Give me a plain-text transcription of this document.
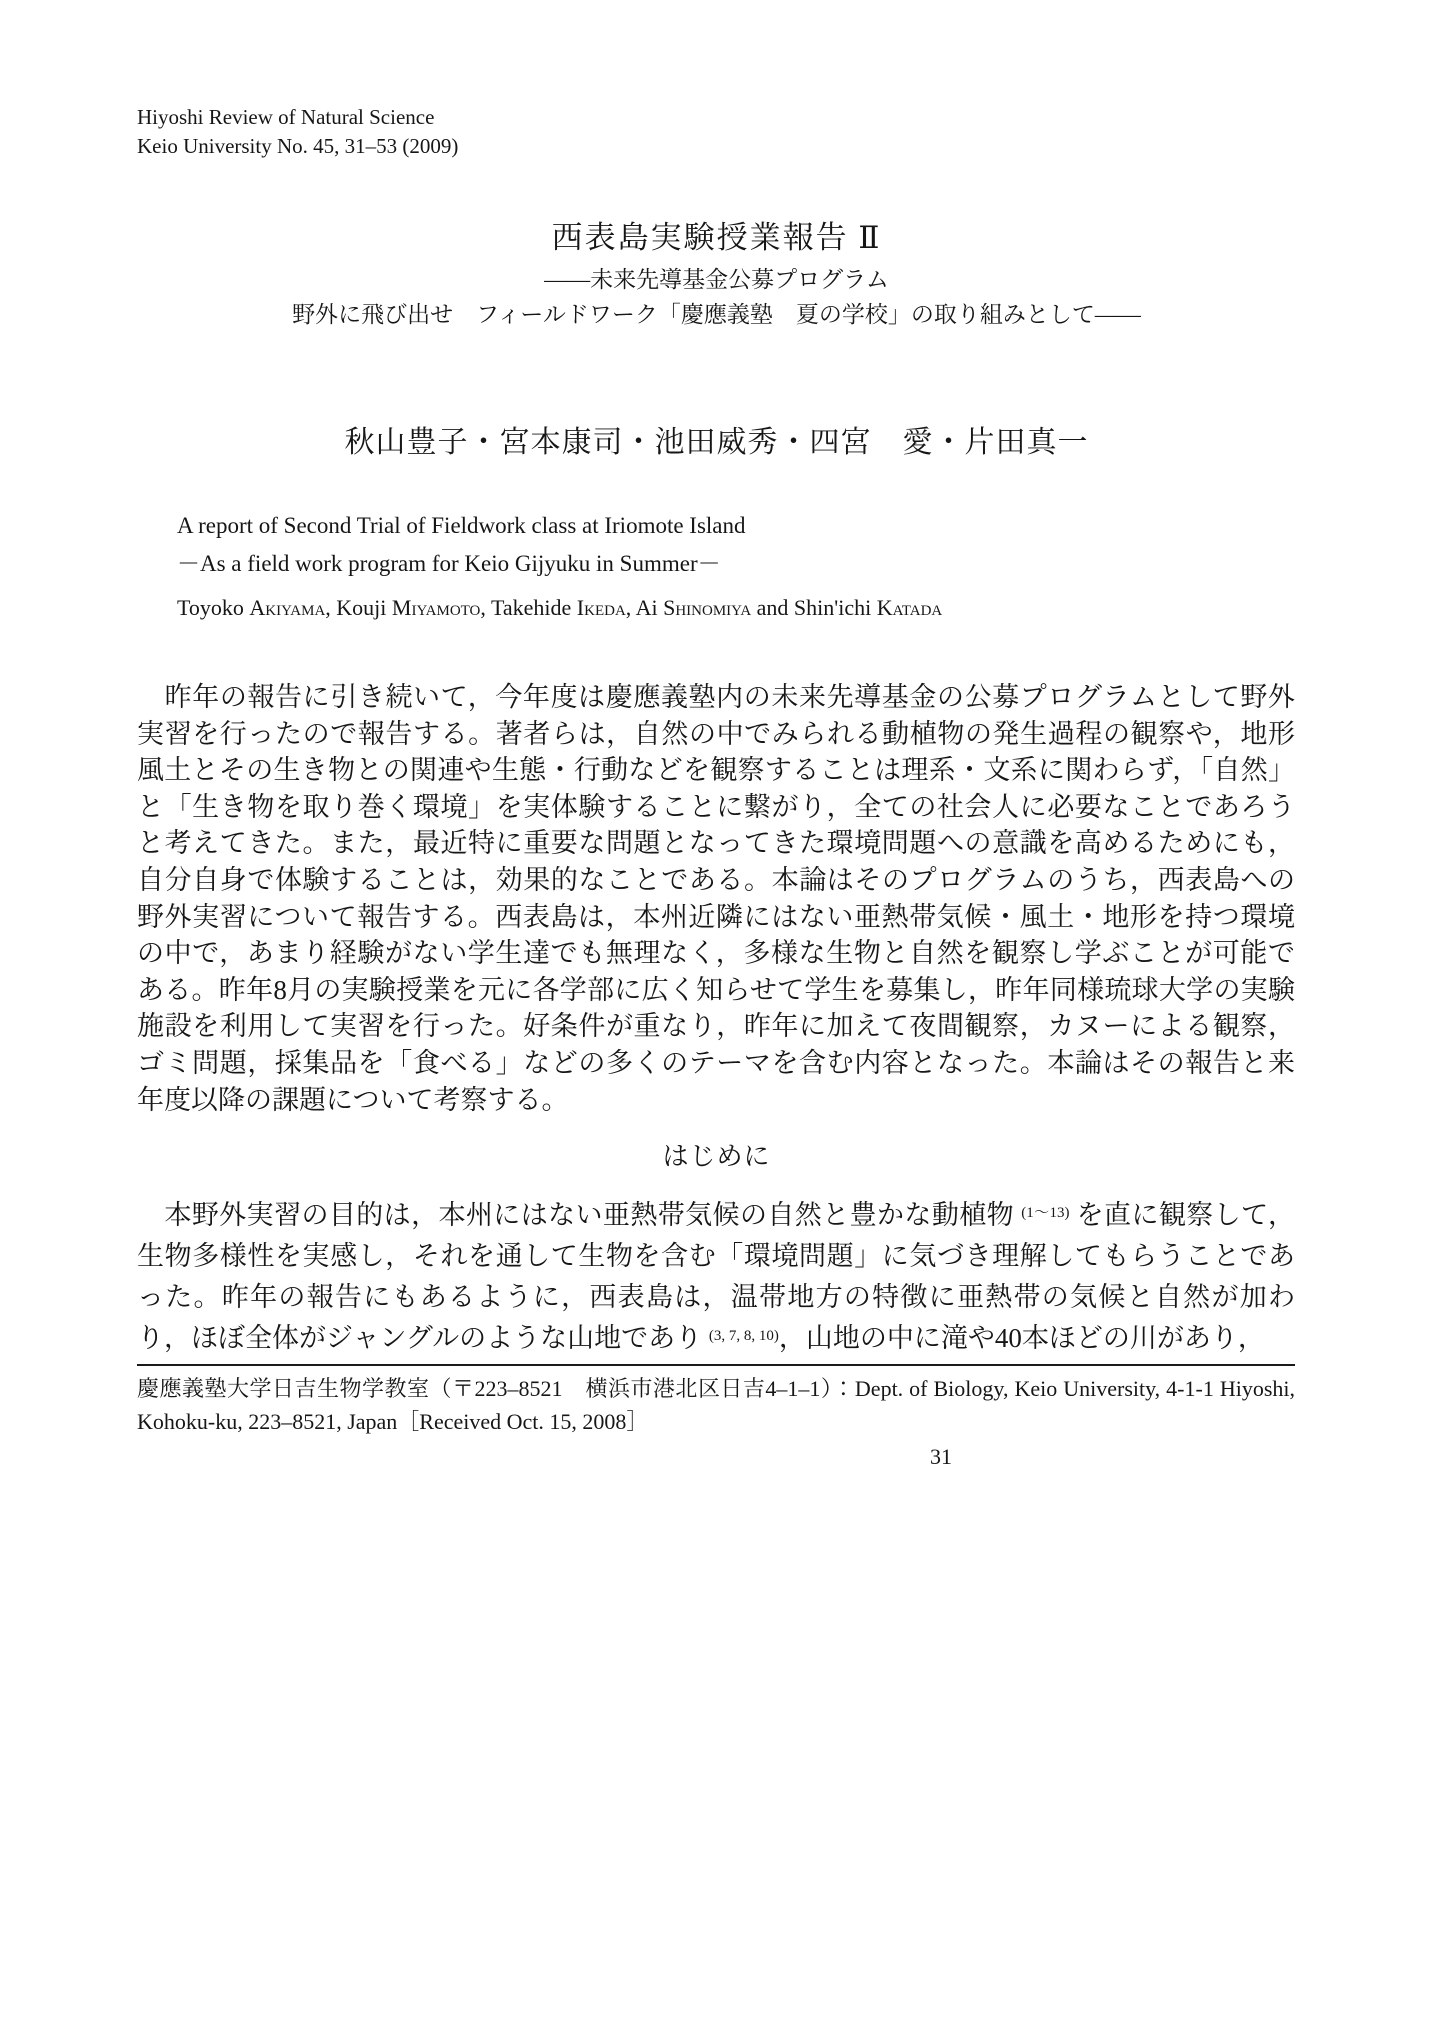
Hiyoshi Review of Natural Science
Keio University No. 45, 31–53 (2009)
西表島実験授業報告 Ⅱ
——未来先導基金公募プログラム
野外に飛び出せ　フィールドワーク「慶應義塾　夏の学校」の取り組みとして——
秋山豊子・宮本康司・池田威秀・四宮　愛・片田真一
A report of Second Trial of Fieldwork class at Iriomote Island
－As a field work program for Keio Gijyuku in Summer－
Toyoko Akiyama, Kouji Miyamoto, Takehide Ikeda, Ai Shinomiya and Shin'ichi Katada
　昨年の報告に引き続いて，今年度は慶應義塾内の未来先導基金の公募プログラムとして野外実習を行ったので報告する。著者らは，自然の中でみられる動植物の発生過程の観察や，地形風土とその生き物との関連や生態・行動などを観察することは理系・文系に関わらず，「自然」と「生き物を取り巻く環境」を実体験することに繋がり，全ての社会人に必要なことであろうと考えてきた。また，最近特に重要な問題となってきた環境問題への意識を高めるためにも，自分自身で体験することは，効果的なことである。本論はそのプログラムのうち，西表島への野外実習について報告する。西表島は，本州近隣にはない亜熱帯気候・風土・地形を持つ環境の中で，あまり経験がない学生達でも無理なく，多様な生物と自然を観察し学ぶことが可能である。昨年8月の実験授業を元に各学部に広く知らせて学生を募集し，昨年同様琉球大学の実験施設を利用して実習を行った。好条件が重なり，昨年に加えて夜間観察，カヌーによる観察，ゴミ問題，採集品を「食べる」などの多くのテーマを含む内容となった。本論はその報告と来年度以降の課題について考察する。
はじめに
　本野外実習の目的は，本州にはない亜熱帯気候の自然と豊かな動植物 $^{(1\sim 13)}$ を直に観察して，生物多様性を実感し，それを通して生物を含む「環境問題」に気づき理解してもらうことであった。昨年の報告にもあるように，西表島は，温帯地方の特徴に亜熱帯の気候と自然が加わり，ほぼ全体がジャングルのような山地であり $^{(3, 7, 8, 10)}$，山地の中に滝や40本ほどの川があり，
慶應義塾大学日吉生物学教室（〒223–8521　横浜市港北区日吉4–1–1）：Dept. of Biology, Keio University, 4-1-1 Hiyoshi, Kohoku-ku, 223–8521, Japan［Received Oct. 15, 2008］
31
